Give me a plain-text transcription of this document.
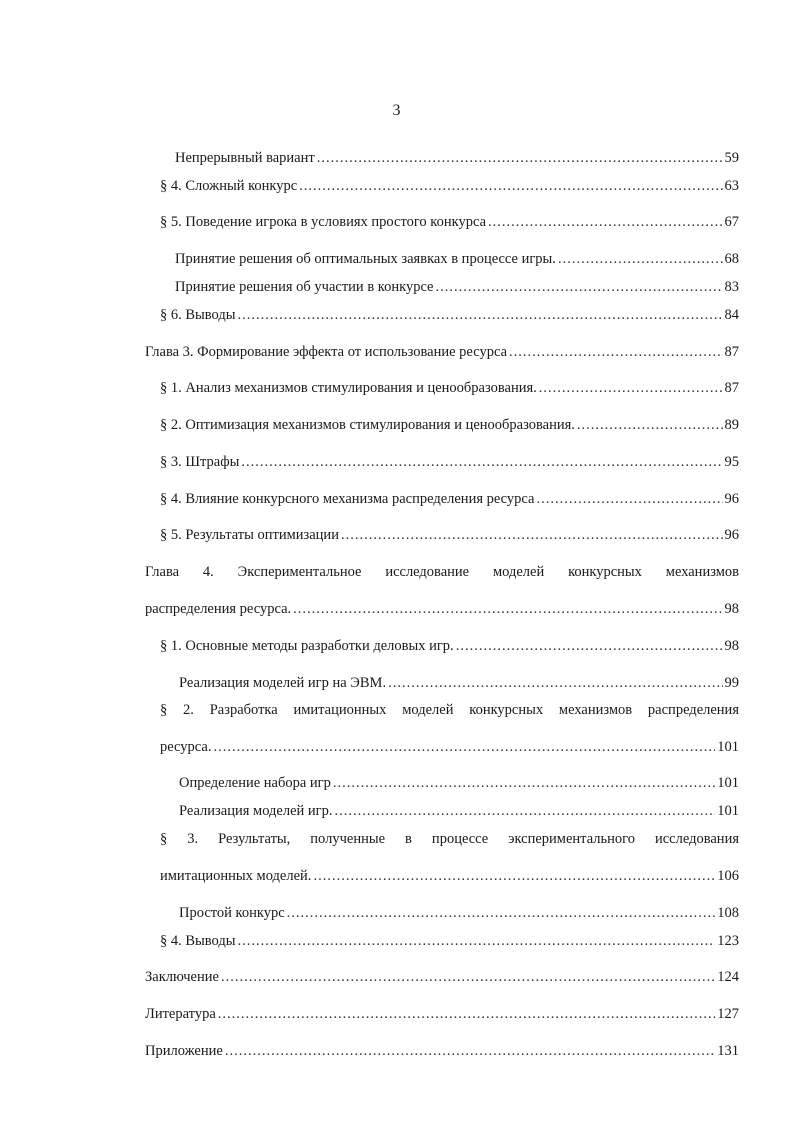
3
Непрерывный вариант .....	59
§ 4. Сложный конкурс .....	63
§ 5. Поведение игрока в условиях простого конкурса .....	67
Принятие решения об оптимальных заявках в процессе игры. .....	68
Принятие решения об участии в конкурсе .....	83
§ 6. Выводы .....	84
Глава 3. Формирование эффекта от использование ресурса .....	87
§ 1. Анализ механизмов стимулирования и ценообразования. .....	87
§ 2. Оптимизация механизмов стимулирования и ценообразования. .....	89
§ 3. Штрафы .....	95
§ 4. Влияние конкурсного механизма распределения ресурса .....	96
§ 5. Результаты оптимизации .....	96
Глава 4. Экспериментальное исследование моделей конкурсных механизмов
распределения ресурса. .....	98
§ 1. Основные методы разработки деловых игр. .....	98
Реализация моделей игр на ЭВМ. .....	99
§ 2. Разработка имитационных моделей конкурсных механизмов распределения
ресурса. .....	101
Определение набора игр .....	101
Реализация моделей игр. .....	101
§ 3. Результаты, полученные в процессе экспериментального исследования
имитационных моделей. .....	106
Простой конкурс .....	108
§ 4. Выводы .....	123
Заключение .....	124
Литература .....	127
Приложение .....	131
